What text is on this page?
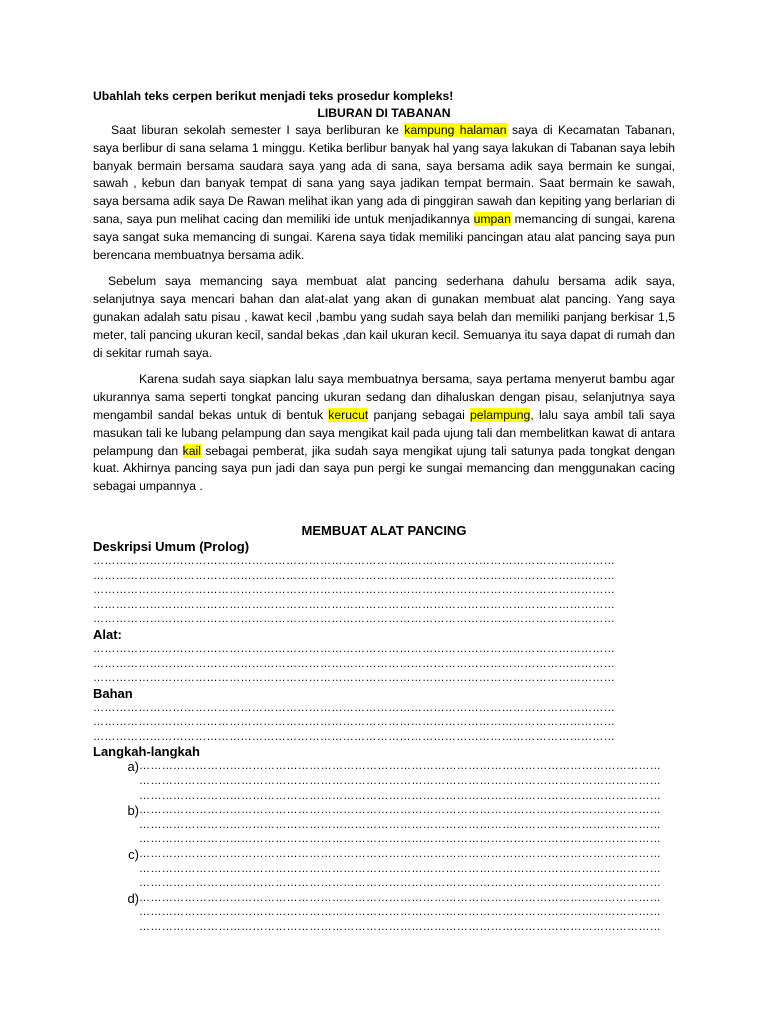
Ubahlah teks cerpen berikut menjadi teks prosedur kompleks!
LIBURAN DI TABANAN

Saat liburan sekolah semester I saya berliburan ke kampung halaman saya di Kecamatan Tabanan, saya berlibur di sana selama 1 minggu. Ketika berlibur banyak hal yang saya lakukan di Tabanan saya lebih banyak bermain bersama saudara saya yang ada di sana, saya bersama adik saya bermain ke sungai, sawah , kebun dan banyak tempat di sana yang saya jadikan tempat bermain. Saat bermain ke sawah, saya bersama adik saya De Rawan melihat ikan yang ada di pinggiran sawah dan kepiting yang berlarian di sana, saya pun melihat cacing dan memiliki ide untuk menjadikannya umpan memancing di sungai, karena saya sangat suka memancing di sungai. Karena saya tidak memiliki pancingan atau alat pancing saya pun berencana membuatnya bersama adik.

Sebelum saya memancing saya membuat alat pancing sederhana dahulu bersama adik saya, selanjutnya saya mencari bahan dan alat-alat yang akan di gunakan membuat alat pancing. Yang saya gunakan adalah satu pisau , kawat kecil ,bambu yang sudah saya belah dan memiliki panjang berkisar 1,5 meter, tali pancing ukuran kecil, sandal bekas ,dan kail ukuran kecil. Semuanya itu saya dapat di rumah dan di sekitar rumah saya.

Karena sudah saya siapkan lalu saya membuatnya bersama, saya pertama menyerut bambu agar ukurannya sama seperti tongkat pancing ukuran sedang dan dihaluskan dengan pisau, selanjutnya saya mengambil sandal bekas untuk di bentuk kerucut panjang sebagai pelampung, lalu saya ambil tali saya masukan tali ke lubang pelampung dan saya mengikat kail pada ujung tali dan membelitkan kawat di antara pelampung dan kail sebagai pemberat, jika sudah saya mengikat ujung tali satunya pada tongkat dengan kuat. Akhirnya pancing saya pun jadi dan saya pun pergi ke sungai memancing dan menggunakan cacing sebagai umpannya .

MEMBUAT ALAT PANCING
Deskripsi Umum (Prolog)
…………………………………………………………………………………………………………………………
…………………………………………………………………………………………………………………………
…………………………………………………………………………………………………………………………
…………………………………………………………………………………………………………………………
…………………………………………………………………………………………………………………………
Alat:
…………………………………………………………………………………………………………………………
…………………………………………………………………………………………………………………………
…………………………………………………………………………………………………………………………
Bahan
…………………………………………………………………………………………………………………………
…………………………………………………………………………………………………………………………
…………………………………………………………………………………………………………………………
Langkah-langkah
a) …………………………………………………………………………………………………………………………
…………………………………………………………………………………………………………………………
…………………………………………………………………………………………………………………………
b) …………………………………………………………………………………………………………………………
…………………………………………………………………………………………………………………………
…………………………………………………………………………………………………………………………
c) …………………………………………………………………………………………………………………………
…………………………………………………………………………………………………………………………
…………………………………………………………………………………………………………………………
d) …………………………………………………………………………………………………………………………
…………………………………………………………………………………………………………………………
…………………………………………………………………………………………………………………………
